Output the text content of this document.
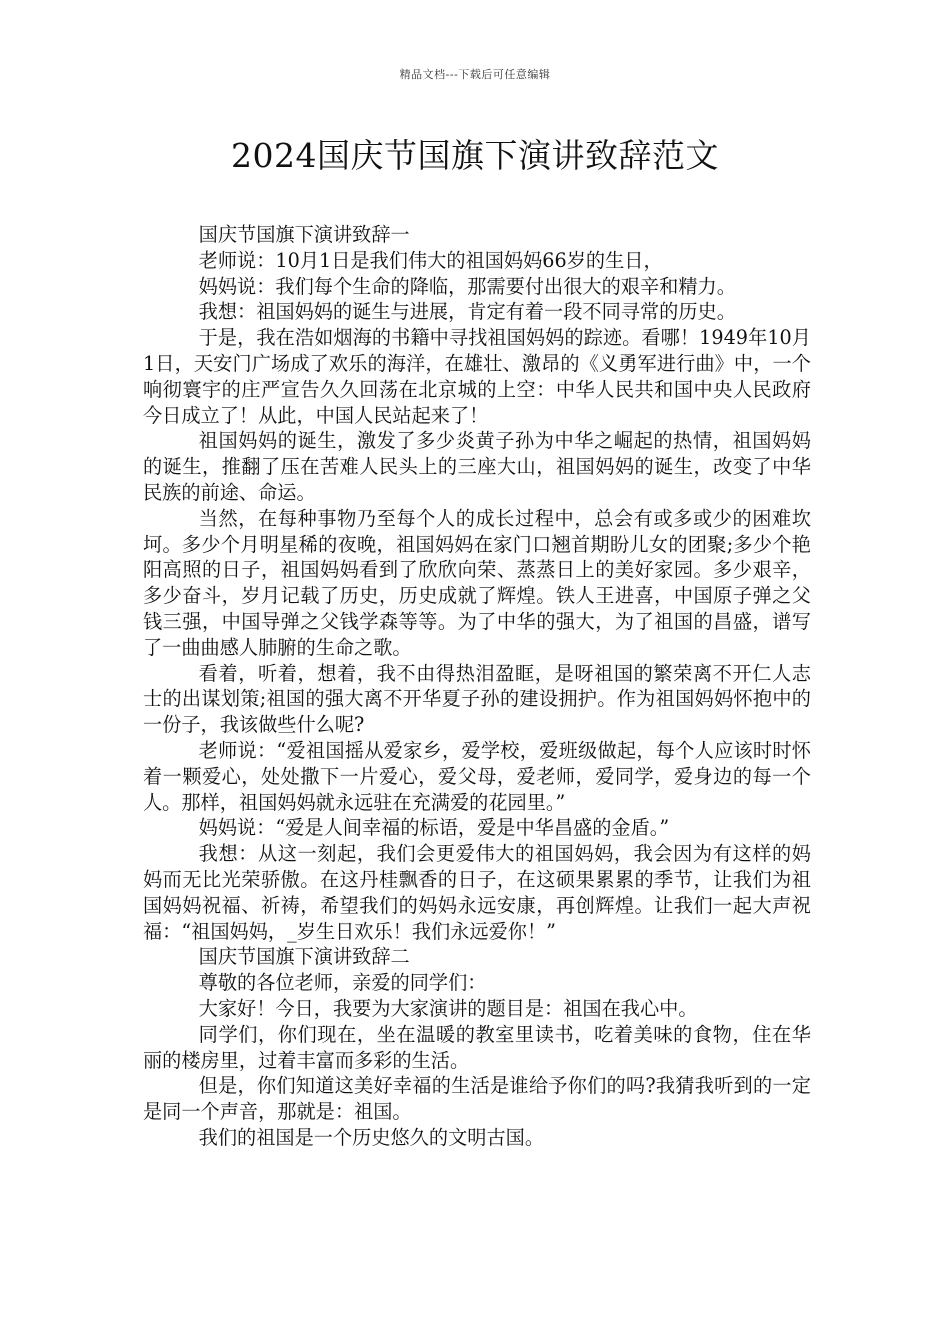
精品文档---下载后可任意编辑
2024国庆节国旗下演讲致辞范文

国庆节国旗下演讲致辞一

老师说：10月1日是我们伟大的祖国妈妈66岁的生日，

妈妈说：我们每个生命的降临，那需要付出很大的艰辛和精力。

我想：祖国妈妈的诞生与进展，肯定有着一段不同寻常的历史。

于是，我在浩如烟海的书籍中寻找祖国妈妈的踪迹。看哪！1949年10月1日，天安门广场成了欢乐的海洋，在雄壮、激昂的《义勇军进行曲》中，一个响彻寰宇的庄严宣告久久回荡在北京城的上空：中华人民共和国中央人民政府今日成立了！从此，中国人民站起来了！

祖国妈妈的诞生，激发了多少炎黄子孙为中华之崛起的热情，祖国妈妈的诞生，推翻了压在苦难人民头上的三座大山，祖国妈妈的诞生，改变了中华民族的前途、命运。

当然，在每种事物乃至每个人的成长过程中，总会有或多或少的困难坎坷。多少个月明星稀的夜晚，祖国妈妈在家门口翘首期盼儿女的团聚;多少个艳阳高照的日子，祖国妈妈看到了欣欣向荣、蒸蒸日上的美好家园。多少艰辛，多少奋斗，岁月记载了历史，历史成就了辉煌。铁人王进喜，中国原子弹之父钱三强，中国导弹之父钱学森等等。为了中华的强大，为了祖国的昌盛，谱写了一曲曲感人肺腑的生命之歌。

看着，听着，想着，我不由得热泪盈眶，是呀祖国的繁荣离不开仁人志士的出谋划策;祖国的强大离不开华夏子孙的建设拥护。作为祖国妈妈怀抱中的一份子，我该做些什么呢?

老师说：“爱祖国摇从爱家乡，爱学校，爱班级做起，每个人应该时时怀着一颗爱心，处处撒下一片爱心，爱父母，爱老师，爱同学，爱身边的每一个人。那样，祖国妈妈就永远驻在充满爱的花园里。”

妈妈说：“爱是人间幸福的标语，爱是中华昌盛的金盾。”

我想：从这一刻起，我们会更爱伟大的祖国妈妈，我会因为有这样的妈妈而无比光荣骄傲。在这丹桂飘香的日子，在这硕果累累的季节，让我们为祖国妈妈祝福、祈祷，希望我们的妈妈永远安康，再创辉煌。让我们一起大声祝福：“祖国妈妈，_岁生日欢乐！我们永远爱你！”

国庆节国旗下演讲致辞二

尊敬的各位老师，亲爱的同学们：

大家好！今日，我要为大家演讲的题目是：祖国在我心中。

同学们，你们现在，坐在温暖的教室里读书，吃着美味的食物，住在华丽的楼房里，过着丰富而多彩的生活。

但是，你们知道这美好幸福的生活是谁给予你们的吗?我猜我听到的一定是同一个声音，那就是：祖国。

我们的祖国是一个历史悠久的文明古国。
